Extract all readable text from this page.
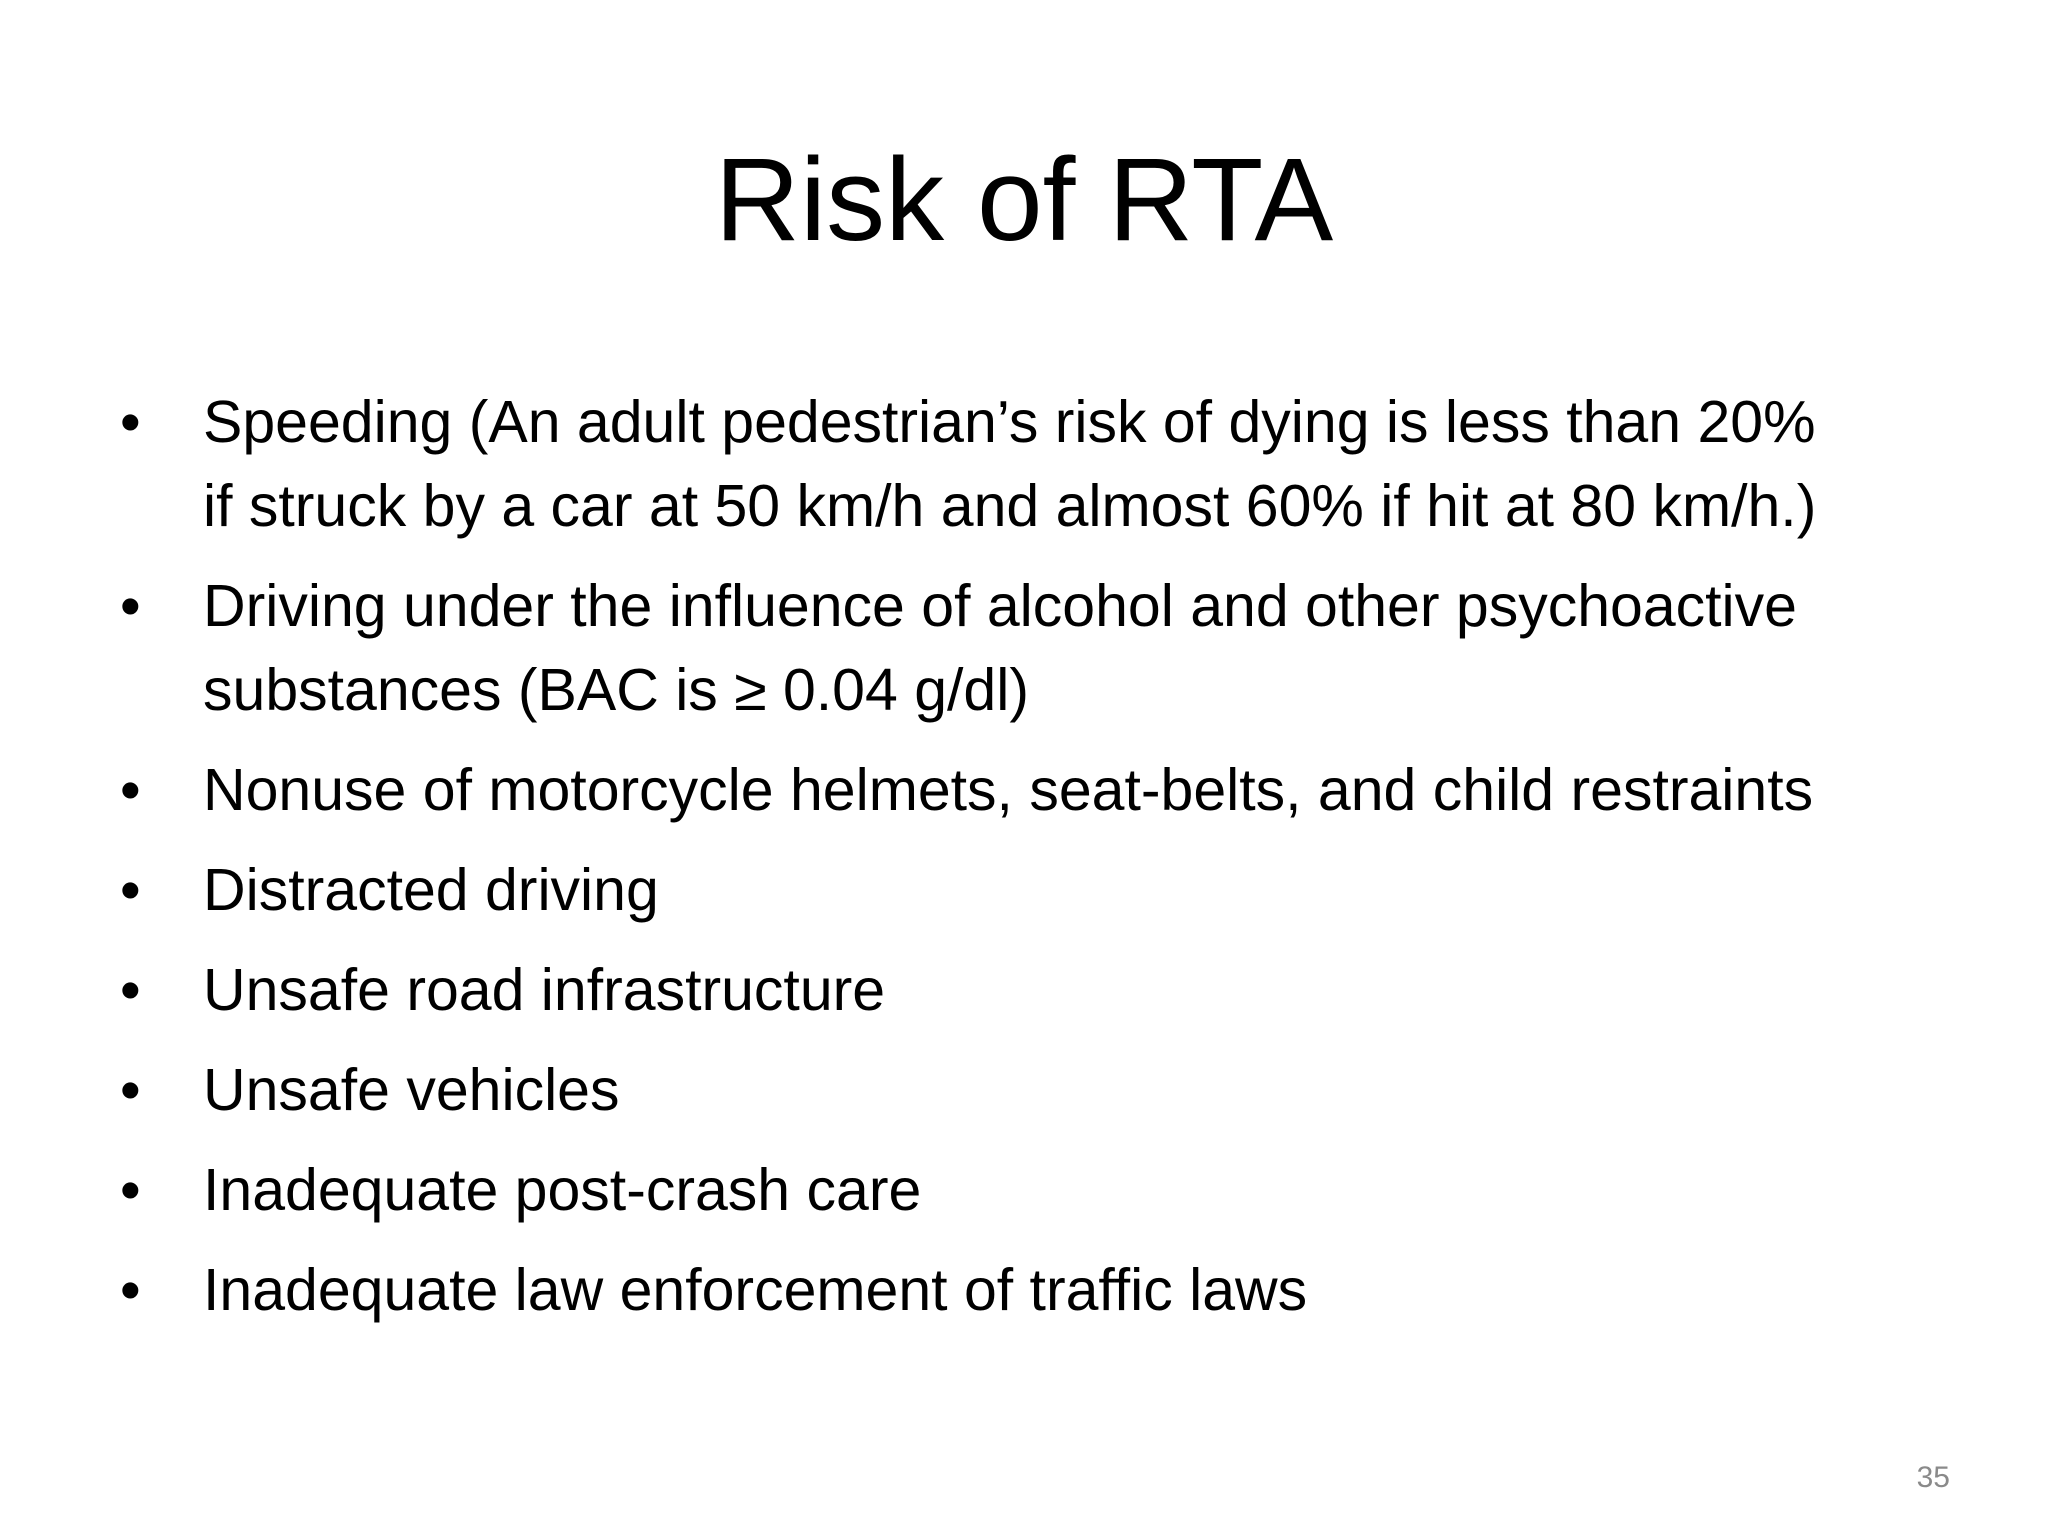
Risk of RTA
•	Speeding (An adult pedestrian’s risk of dying is less than 20%
if struck by a car at 50 km/h and almost 60% if hit at 80 km/h.)
•	Driving under the influence of alcohol and other psychoactive
substances (BAC is ≥ 0.04 g/dl)
•	Nonuse of motorcycle helmets, seat-belts, and child restraints
•	Distracted driving
•	Unsafe road infrastructure
•	Unsafe vehicles
•	Inadequate post-crash care
•	Inadequate law enforcement of traffic laws
35
